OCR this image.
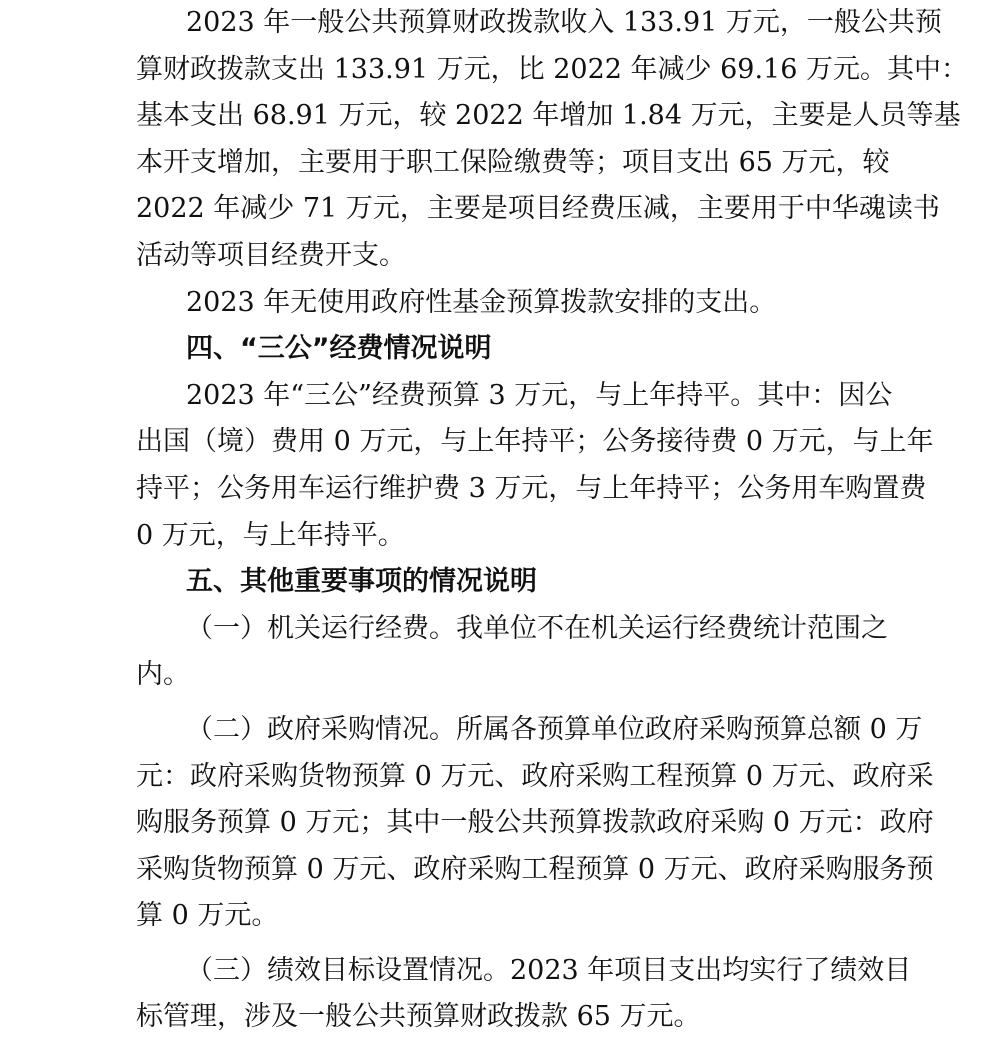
2023 年一般公共预算财政拨款收入 133.91 万元，一般公共预
算财政拨款支出 133.91 万元，比 2022 年减少 69.16 万元。其中：
基本支出 68.91 万元，较 2022 年增加 1.84 万元，主要是人员等基
本开支增加，主要用于职工保险缴费等；项目支出 65 万元，较
2022 年减少 71 万元，主要是项目经费压减，主要用于中华魂读书
活动等项目经费开支。
2023 年无使用政府性基金预算拨款安排的支出。
四、“三公”经费情况说明
2023 年“三公”经费预算 3 万元，与上年持平。其中：因公
出国（境）费用 0 万元，与上年持平；公务接待费 0 万元，与上年
持平；公务用车运行维护费 3 万元，与上年持平；公务用车购置费
0 万元，与上年持平。
五、其他重要事项的情况说明
（一）机关运行经费。我单位不在机关运行经费统计范围之
内。
（二）政府采购情况。所属各预算单位政府采购预算总额 0 万
元：政府采购货物预算 0 万元、政府采购工程预算 0 万元、政府采
购服务预算 0 万元；其中一般公共预算拨款政府采购 0 万元：政府
采购货物预算 0 万元、政府采购工程预算 0 万元、政府采购服务预
算 0 万元。
（三）绩效目标设置情况。2023 年项目支出均实行了绩效目
标管理，涉及一般公共预算财政拨款 65 万元。
